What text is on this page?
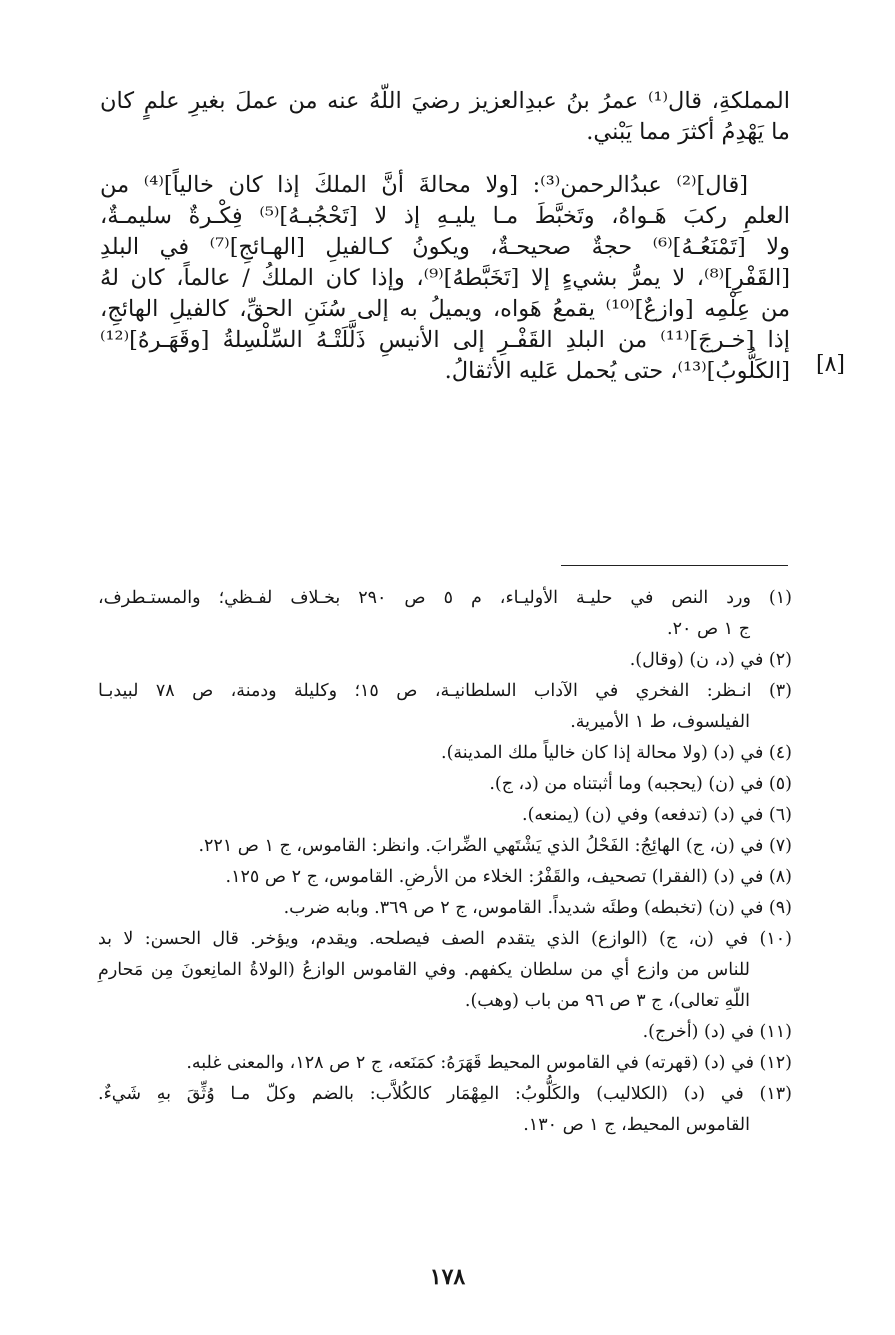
المملكةِ، قال⁽¹⁾ عمرُ بنُ عبدِالعزيز رضيَ اللّهُ عنه من عملَ بغيرِ علمٍ كان
ما يَهْدِمُ أكثرَ مما يَبْني.
[قال]⁽²⁾ عبدُالرحمن⁽³⁾: [ولا محالةَ أنَّ الملكَ إذا كان خالياً]⁽⁴⁾ من
العلمِ ركبَ هَـواهُ، وتَخبَّطَ مـا يليـهِ إذ لا [تَحْجُبـهُ]⁽⁵⁾ فِكْـرةٌ سليمـةٌ،
ولا [تَمْنَعُـهُ]⁽⁶⁾ حجةٌ صحيحـةٌ، ويكونُ كـالفيلِ [الهـائجِ]⁽⁷⁾ في البلدِ
[القَفْرِ]⁽⁸⁾، لا يمرُّ بشيءٍ إلا [تَخَبَّطهُ]⁽⁹⁾، وإذا كان الملكُ / عالماً، كان لهُ
من عِلْمِه [وازعٌ]⁽¹⁰⁾ يقمعُ هَواه، ويميلُ به إلى سُنَنِ الحقِّ، كالفيلِ الهائجِ،
إذا [خـرجَ]⁽¹¹⁾ من البلدِ القَفْـرِ إلى الأنيسِ ذَلَّلَتْـهُ السِّلْسِلةُ [وقَهَـرهُ]⁽¹²⁾
[الكَلُّوبُ]⁽¹³⁾، حتى يُحمل عَليه الأثقالُ. [٨]
(١) ورد النص في حليـة الأوليـاء، م ٥ ص ٢٩٠ بخـلاف لفـظي؛ والمستـطرف،
ج ١ ص ٢٠.
(٢) في (د، ن) (وقال).
(٣) انـظر: الفخري في الآداب السلطانيـة، ص ١٥؛ وكليلة ودمنة، ص ٧٨ لبيدبـا
الفيلسوف، ط ١ الأميرية.
(٤) في (د) (ولا محالة إذا كان خالياً ملك المدينة).
(٥) في (ن) (يحجبه) وما أثبتناه من (د، ج).
(٦) في (د) (تدفعه) وفي (ن) (يمنعه).
(٧) في (ن، ج) الهائِجُ: الفَحْلُ الذي يَشْتَهي الضِّرابَ. وانظر: القاموس، ج ١ ص ٢٢١.
(٨) في (د) (الفقرا) تصحيف، والقَفْرُ: الخلاء من الأرضِ. القاموس، ج ٢ ص ١٢٥.
(٩) في (ن) (تخبطه) وطئَه شديداً. القاموس، ج ٢ ص ٣٦٩. وبابه ضرب.
(١٠) في (ن، ج) (الوازع) الذي يتقدم الصف فيصلحه. ويقدم، ويؤخر. قال الحسن: لا بد
للناس من وازع أي من سلطان يكفهم. وفي القاموس الوازعُ (الولاةُ المانِعونَ مِن مَحارمِ
اللّهِ تعالى)، ج ٣ ص ٩٦ من باب (وهب).
(١١) في (د) (أخرج).
(١٢) في (د) (قهرته) في القاموس المحيط قَهَرَهُ: كمَنَعه، ج ٢ ص ١٢٨، والمعنى غلبه.
(١٣) في (د) (الكلاليب) والكَلُّوبُ: المِهْمَار كالكُلاَّب: بالضم وكلّ مـا وُثِّقَ بهِ شَيءٌ.
القاموس المحيط، ج ١ ص ١٣٠.
١٧٨
